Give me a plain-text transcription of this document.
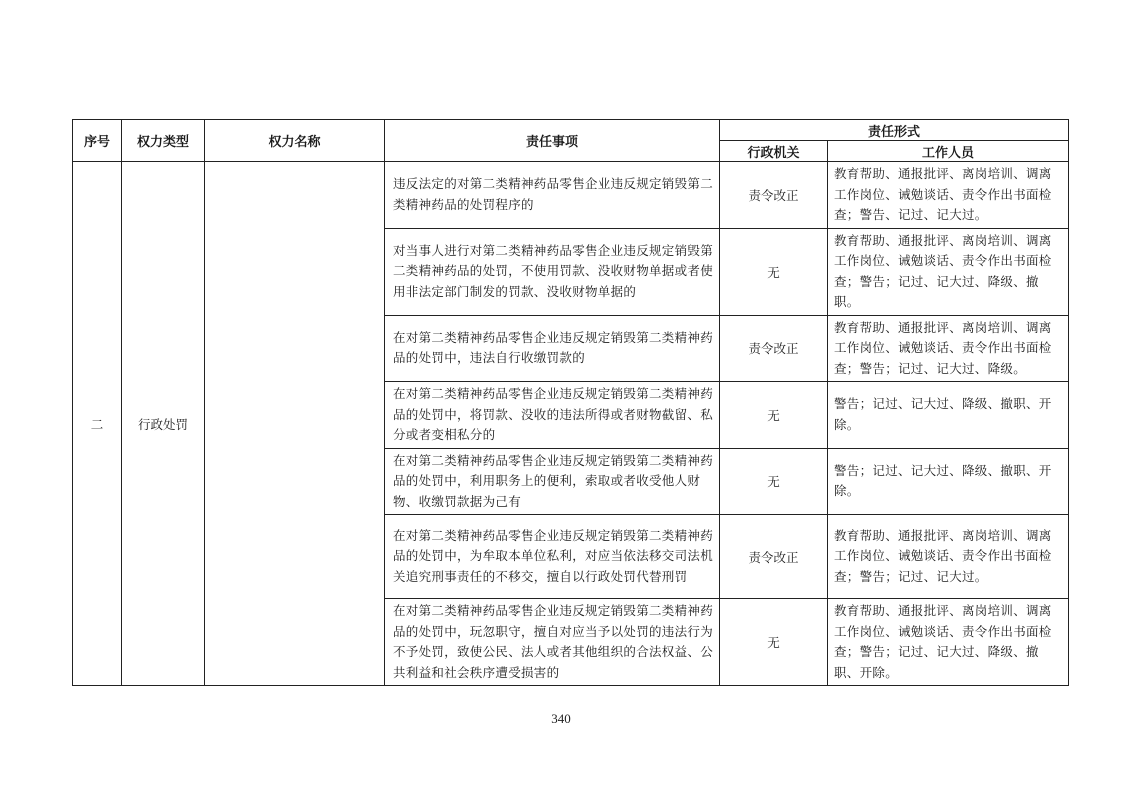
序号	权力类型	权力名称	责任事项	责任形式	
				行政机关	工作人员
二	行政处罚		违反法定的对第二类精神药品零售企业违反规定销毁第二类精神药品的处罚程序的	责令改正	教育帮助、通报批评、离岗培训、调离工作岗位、诫勉谈话、责令作出书面检查；警告、记过、记大过。
			对当事人进行对第二类精神药品零售企业违反规定销毁第二类精神药品的处罚，不使用罚款、没收财物单据或者使用非法定部门制发的罚款、没收财物单据的	无	教育帮助、通报批评、离岗培训、调离工作岗位、诫勉谈话、责令作出书面检查；警告；记过、记大过、降级、撤职。
			在对第二类精神药品零售企业违反规定销毁第二类精神药品的处罚中，违法自行收缴罚款的	责令改正	教育帮助、通报批评、离岗培训、调离工作岗位、诫勉谈话、责令作出书面检查；警告；记过、记大过、降级。
			在对第二类精神药品零售企业违反规定销毁第二类精神药品的处罚中，将罚款、没收的违法所得或者财物截留、私分或者变相私分的	无	警告；记过、记大过、降级、撤职、开除。
			在对第二类精神药品零售企业违反规定销毁第二类精神药品的处罚中，利用职务上的便利，索取或者收受他人财物、收缴罚款据为己有	无	警告；记过、记大过、降级、撤职、开除。
			在对第二类精神药品零售企业违反规定销毁第二类精神药品的处罚中，为牟取本单位私利，对应当依法移交司法机关追究刑事责任的不移交，擅自以行政处罚代替刑罚	责令改正	教育帮助、通报批评、离岗培训、调离工作岗位、诫勉谈话、责令作出书面检查；警告；记过、记大过。
			在对第二类精神药品零售企业违反规定销毁第二类精神药品的处罚中，玩忽职守，擅自对应当予以处罚的违法行为不予处罚，致使公民、法人或者其他组织的合法权益、公共利益和社会秩序遭受损害的	无	教育帮助、通报批评、离岗培训、调离工作岗位、诫勉谈话、责令作出书面检查；警告；记过、记大过、降级、撤职、开除。
340
